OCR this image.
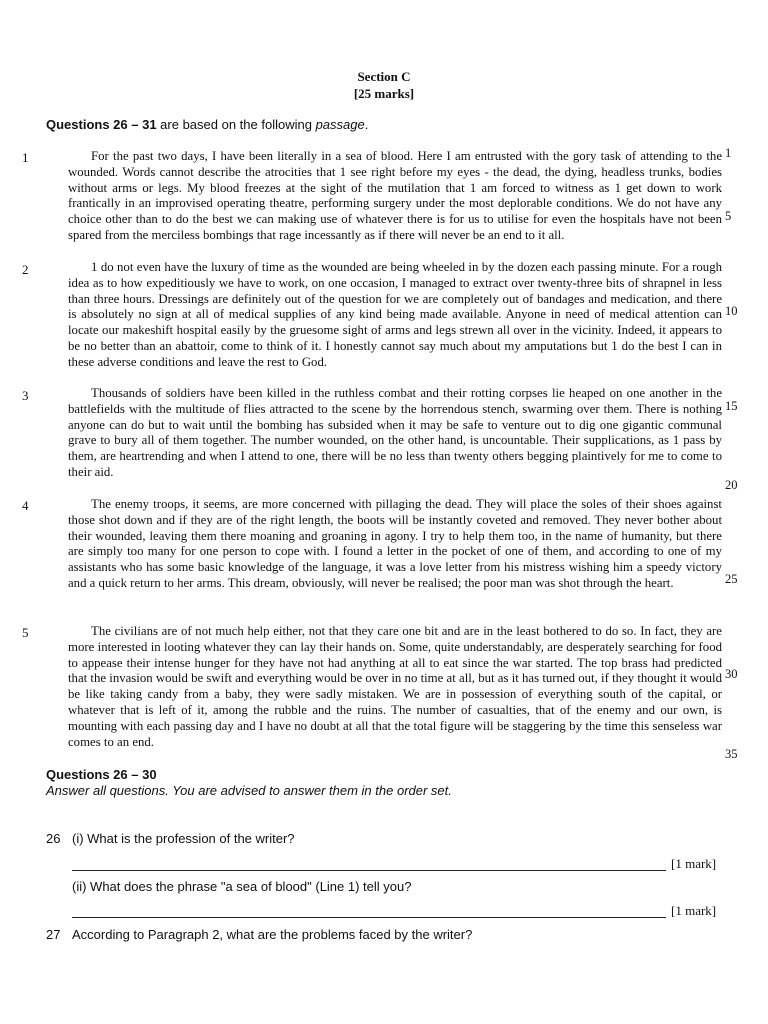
Section C
[25 marks]
Questions 26 – 31 are based on the following passage.
1
2
3
4
5

For the past two days, I have been literally in a sea of blood. Here I am entrusted with the gory task of attending to the wounded. Words cannot describe the atrocities that 1 see right before my eyes - the dead, the dying, headless trunks, bodies without arms or legs. My blood freezes at the sight of the mutilation that 1 am forced to witness as 1 get down to work frantically in an improvised operating theatre, performing surgery under the most deplorable conditions. We do not have any choice other than to do the best we can making use of whatever there is for us to utilise for even the hospitals have not been spared from the merciless bombings that rage incessantly as if there will never be an end to it all.

1 do not even have the luxury of time as the wounded are being wheeled in by the dozen each passing minute. For a rough idea as to how expeditiously we have to work, on one occasion, I managed to extract over twenty-three bits of shrapnel in less than three hours. Dressings are definitely out of the question for we are completely out of bandages and medication, and there is absolutely no sign at all of medical supplies of any kind being made available. Anyone in need of medical attention can locate our makeshift hospital easily by the gruesome sight of arms and legs strewn all over in the vicinity. Indeed, it appears to be no better than an abattoir, come to think of it. I honestly cannot say much about my amputations but 1 do the best I can in these adverse conditions and leave the rest to God.

Thousands of soldiers have been killed in the ruthless combat and their rotting corpses lie heaped on one another in the battlefields with the multitude of flies attracted to the scene by the horrendous stench, swarming over them. There is nothing anyone can do but to wait until the bombing has subsided when it may be safe to venture out to dig one gigantic communal grave to bury all of them together. The number wounded, on the other hand, is uncountable. Their supplications, as 1 pass by them, are heartrending and when I attend to one, there will be no less than twenty others begging plaintively for me to come to their aid.

The enemy troops, it seems, are more concerned with pillaging the dead. They will place the soles of their shoes against those shot down and if they are of the right length, the boots will be instantly coveted and removed. They never bother about their wounded, leaving them there moaning and groaning in agony. I try to help them too, in the name of humanity, but there are simply too many for one person to cope with. I found a letter in the pocket of one of them, and according to one of my assistants who has some basic knowledge of the language, it was a love letter from his mistress wishing him a speedy victory and a quick return to her arms. This dream, obviously, will never be realised; the poor man was shot through the heart.

The civilians are of not much help either, not that they care one bit and are in the least bothered to do so. In fact, they are more interested in looting whatever they can lay their hands on. Some, quite understandably, are desperately searching for food to appease their intense hunger for they have not had anything at all to eat since the war started. The top brass had predicted that the invasion would be swift and everything would be over in no time at all, but as it has turned out, if they thought it would be like taking candy from a baby, they were sadly mistaken. We are in possession of everything south of the capital, or whatever that is left of it, among the rubble and the ruins. The number of casualties, that of the enemy and our own, is mounting with each passing day and I have no doubt at all that the total figure will be staggering by the time this senseless war comes to an end.

1
5
10
15
20
25
30
35
Questions 26 – 30
Answer all questions. You are advised to answer them in the order set.
26 (i) What is the profession of the writer?
[1 mark]
(ii) What does the phrase "a sea of blood" (Line 1) tell you?
[1 mark]
27 According to Paragraph 2, what are the problems faced by the writer?
